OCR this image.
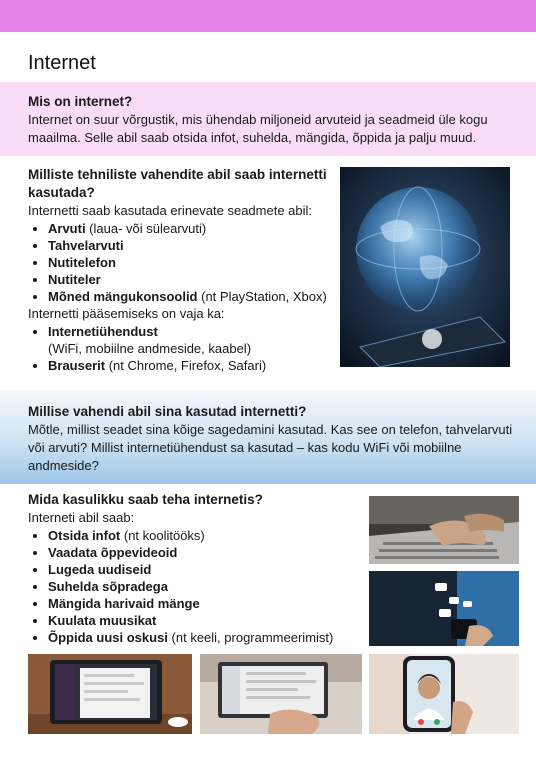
Internet
Mis on internet?
Internet on suur võrgustik, mis ühendab miljoneid arvuteid ja seadmeid üle kogu maailma. Selle abil saab otsida infot, suhelda, mängida, õppida ja palju muud.
Milliste tehniliste vahendite abil saab internetti kasutada?
Internetti saab kasutada erinevate seadmete abil:
• Arvuti (laua- või sülearvuti)
• Tahvelarvuti
• Nutitelefon
• Nutiteler
• Mõned mängukonsoolid (nt PlayStation, Xbox)
Internetti pääsemiseks on vaja ka:
• Internetiühendust
(WiFi, mobiilne andmeside, kaabel)
• Brauserit (nt Chrome, Firefox, Safari)
Millise vahendi abil sina kasutad internetti?
Mõtle, millist seadet sina kõige sagedamini kasutad. Kas see on telefon, tahvelarvuti või arvuti? Millist internetiühendust sa kasutad – kas kodu WiFi või mobiilne andmeside?
Mida kasulikku saab teha internetis?
Interneti abil saab:
• Otsida infot (nt koolitööks)
• Vaadata õppevideoid
• Lugeda uudiseid
• Suhelda sõpradega
• Mängida harivaid mänge
• Kuulata muusikat
• Õppida uusi oskusi (nt keeli, programmeerimist)
